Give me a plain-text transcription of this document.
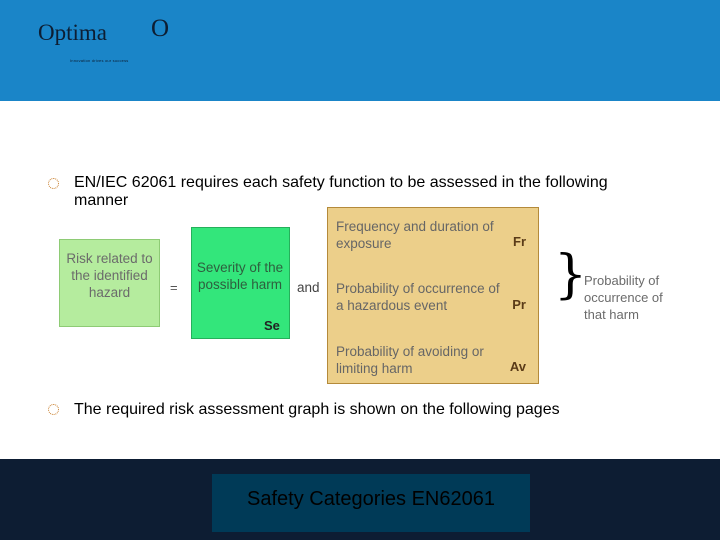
Optima O
Innovation drives our success
EN/IEC 62061 requires each safety function to be assessed in the following manner
Risk related to the identified hazard	=
Severity of the possible harm
Se
and
Frequency and duration of exposure	Fr
Probability of occurrence of a hazardous event	Pr
Probability of avoiding or limiting harm	Av
}
Probability of occurrence of that harm
The required risk assessment graph is shown on the following pages
Safety Categories EN62061
